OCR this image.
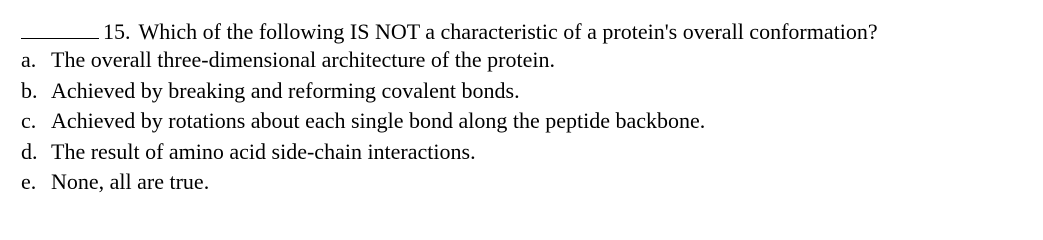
15. Which of the following IS NOT a characteristic of a protein's overall conformation?
a. The overall three-dimensional architecture of the protein.
b. Achieved by breaking and reforming covalent bonds.
c. Achieved by rotations about each single bond along the peptide backbone.
d. The result of amino acid side-chain interactions.
e. None, all are true.
